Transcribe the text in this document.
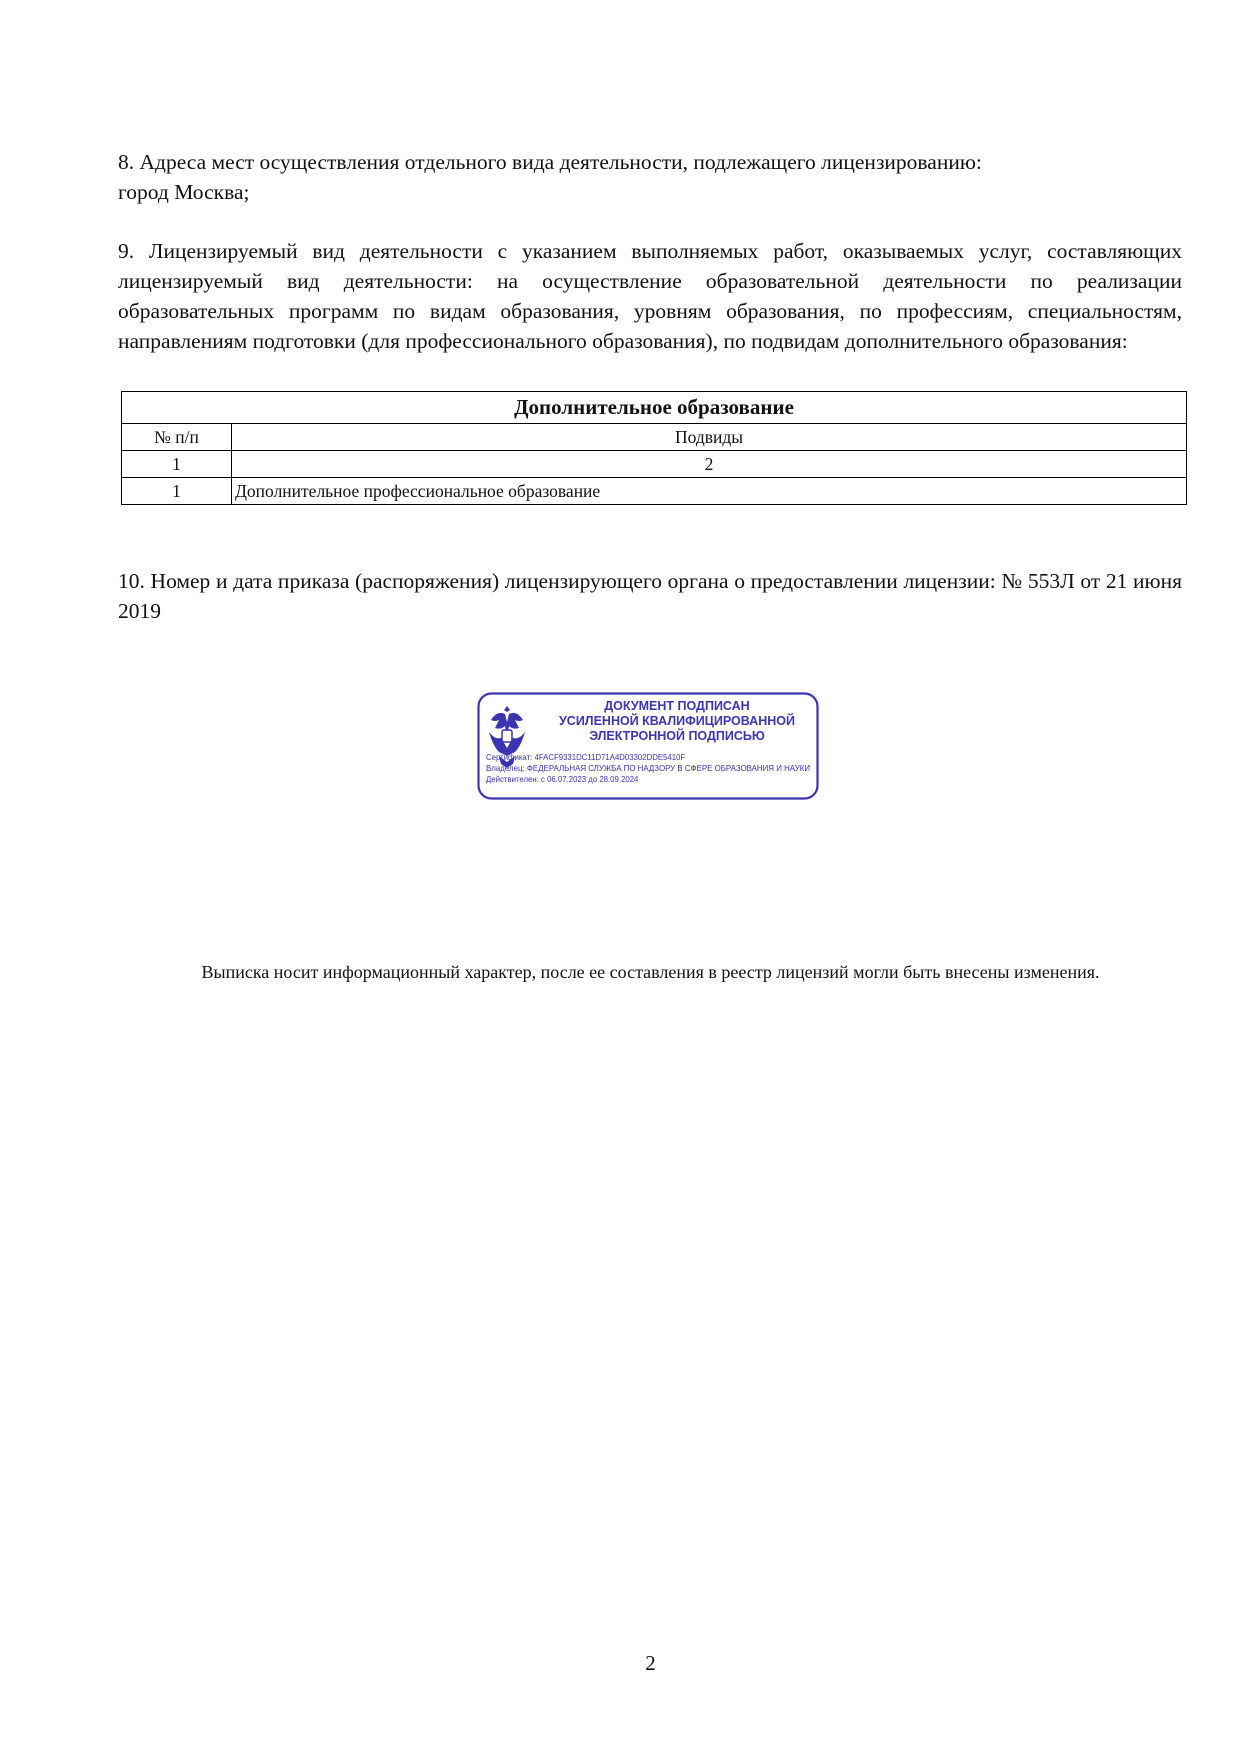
8. Адреса мест осуществления отдельного вида деятельности, подлежащего лицензированию:
город Москва;
9. Лицензируемый вид деятельности с указанием выполняемых работ, оказываемых услуг, составляющих лицензируемый вид деятельности: на осуществление образовательной деятельности по реализации образовательных программ по видам образования, уровням образования, по профессиям, специальностям, направлениям подготовки (для профессионального образования), по подвидам дополнительного образования:
Дополнительное образование	
№ п/п	Подвиды
1	2
1	Дополнительное профессиональное образование
10. Номер и дата приказа (распоряжения) лицензирующего органа о предоставлении лицензии: № 553Л от 21 июня 2019
ДОКУМЕНТ ПОДПИСАН
УСИЛЕННОЙ КВАЛИФИЦИРОВАННОЙ
ЭЛЕКТРОННОЙ ПОДПИСЬЮ
Сертификат: 4FACF9331DC11D71A4D03302DDE5410F
Владелец: ФЕДЕРАЛЬНАЯ СЛУЖБА ПО НАДЗОРУ В СФЕРЕ ОБРАЗОВАНИЯ И НАУКИ
Действителен: с 06.07.2023 до 28.09.2024
Выписка носит информационный характер, после ее составления в реестр лицензий могли быть внесены изменения.
2
